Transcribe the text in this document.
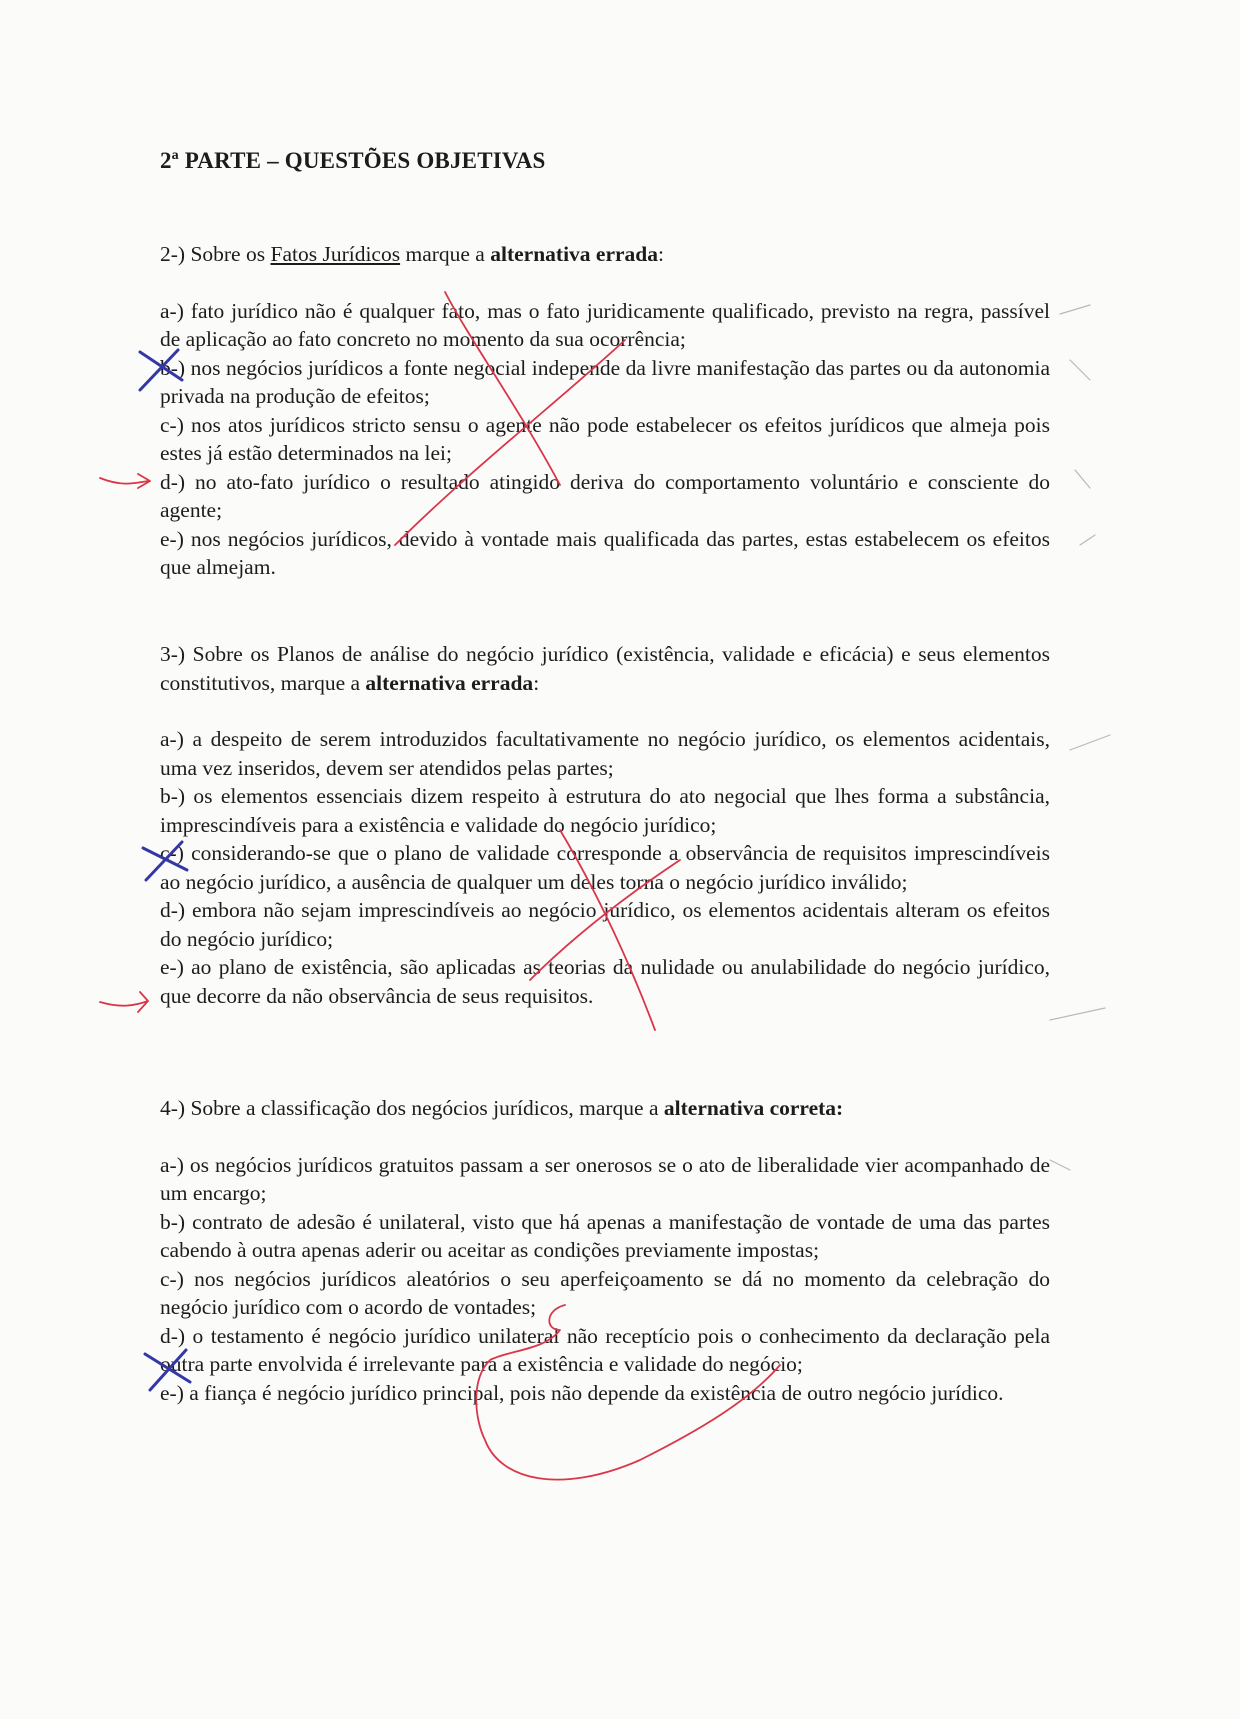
2ª PARTE – QUESTÕES OBJETIVAS

2-) Sobre os Fatos Jurídicos marque a alternativa errada:

a-) fato jurídico não é qualquer fato, mas o fato juridicamente qualificado, previsto na regra, passível de aplicação ao fato concreto no momento da sua ocorrência;

b-) nos negócios jurídicos a fonte negocial independe da livre manifestação das partes ou da autonomia privada na produção de efeitos;

c-) nos atos jurídicos stricto sensu o agente não pode estabelecer os efeitos jurídicos que almeja pois estes já estão determinados na lei;

d-) no ato-fato jurídico o resultado atingido deriva do comportamento voluntário e consciente do agente;

e-) nos negócios jurídicos, devido à vontade mais qualificada das partes, estas estabelecem os efeitos que almejam.

3-) Sobre os Planos de análise do negócio jurídico (existência, validade e eficácia) e seus elementos constitutivos, marque a alternativa errada:

a-) a despeito de serem introduzidos facultativamente no negócio jurídico, os elementos acidentais, uma vez inseridos, devem ser atendidos pelas partes;

b-) os elementos essenciais dizem respeito à estrutura do ato negocial que lhes forma a substância, imprescindíveis para a existência e validade do negócio jurídico;

c-) considerando-se que o plano de validade corresponde a observância de requisitos imprescindíveis ao negócio jurídico, a ausência de qualquer um deles torna o negócio jurídico inválido;

d-) embora não sejam imprescindíveis ao negócio jurídico, os elementos acidentais alteram os efeitos do negócio jurídico;

e-) ao plano de existência, são aplicadas as teorias da nulidade ou anulabilidade do negócio jurídico, que decorre da não observância de seus requisitos.

4-) Sobre a classificação dos negócios jurídicos, marque a alternativa correta:

a-) os negócios jurídicos gratuitos passam a ser onerosos se o ato de liberalidade vier acompanhado de um encargo;

b-) contrato de adesão é unilateral, visto que há apenas a manifestação de vontade de uma das partes cabendo à outra apenas aderir ou aceitar as condições previamente impostas;

c-) nos negócios jurídicos aleatórios o seu aperfeiçoamento se dá no momento da celebração do negócio jurídico com o acordo de vontades;

d-) o testamento é negócio jurídico unilateral não receptício pois o conhecimento da declaração pela outra parte envolvida é irrelevante para a existência e validade do negócio;

e-) a fiança é negócio jurídico principal, pois não depende da existência de outro negócio jurídico.
